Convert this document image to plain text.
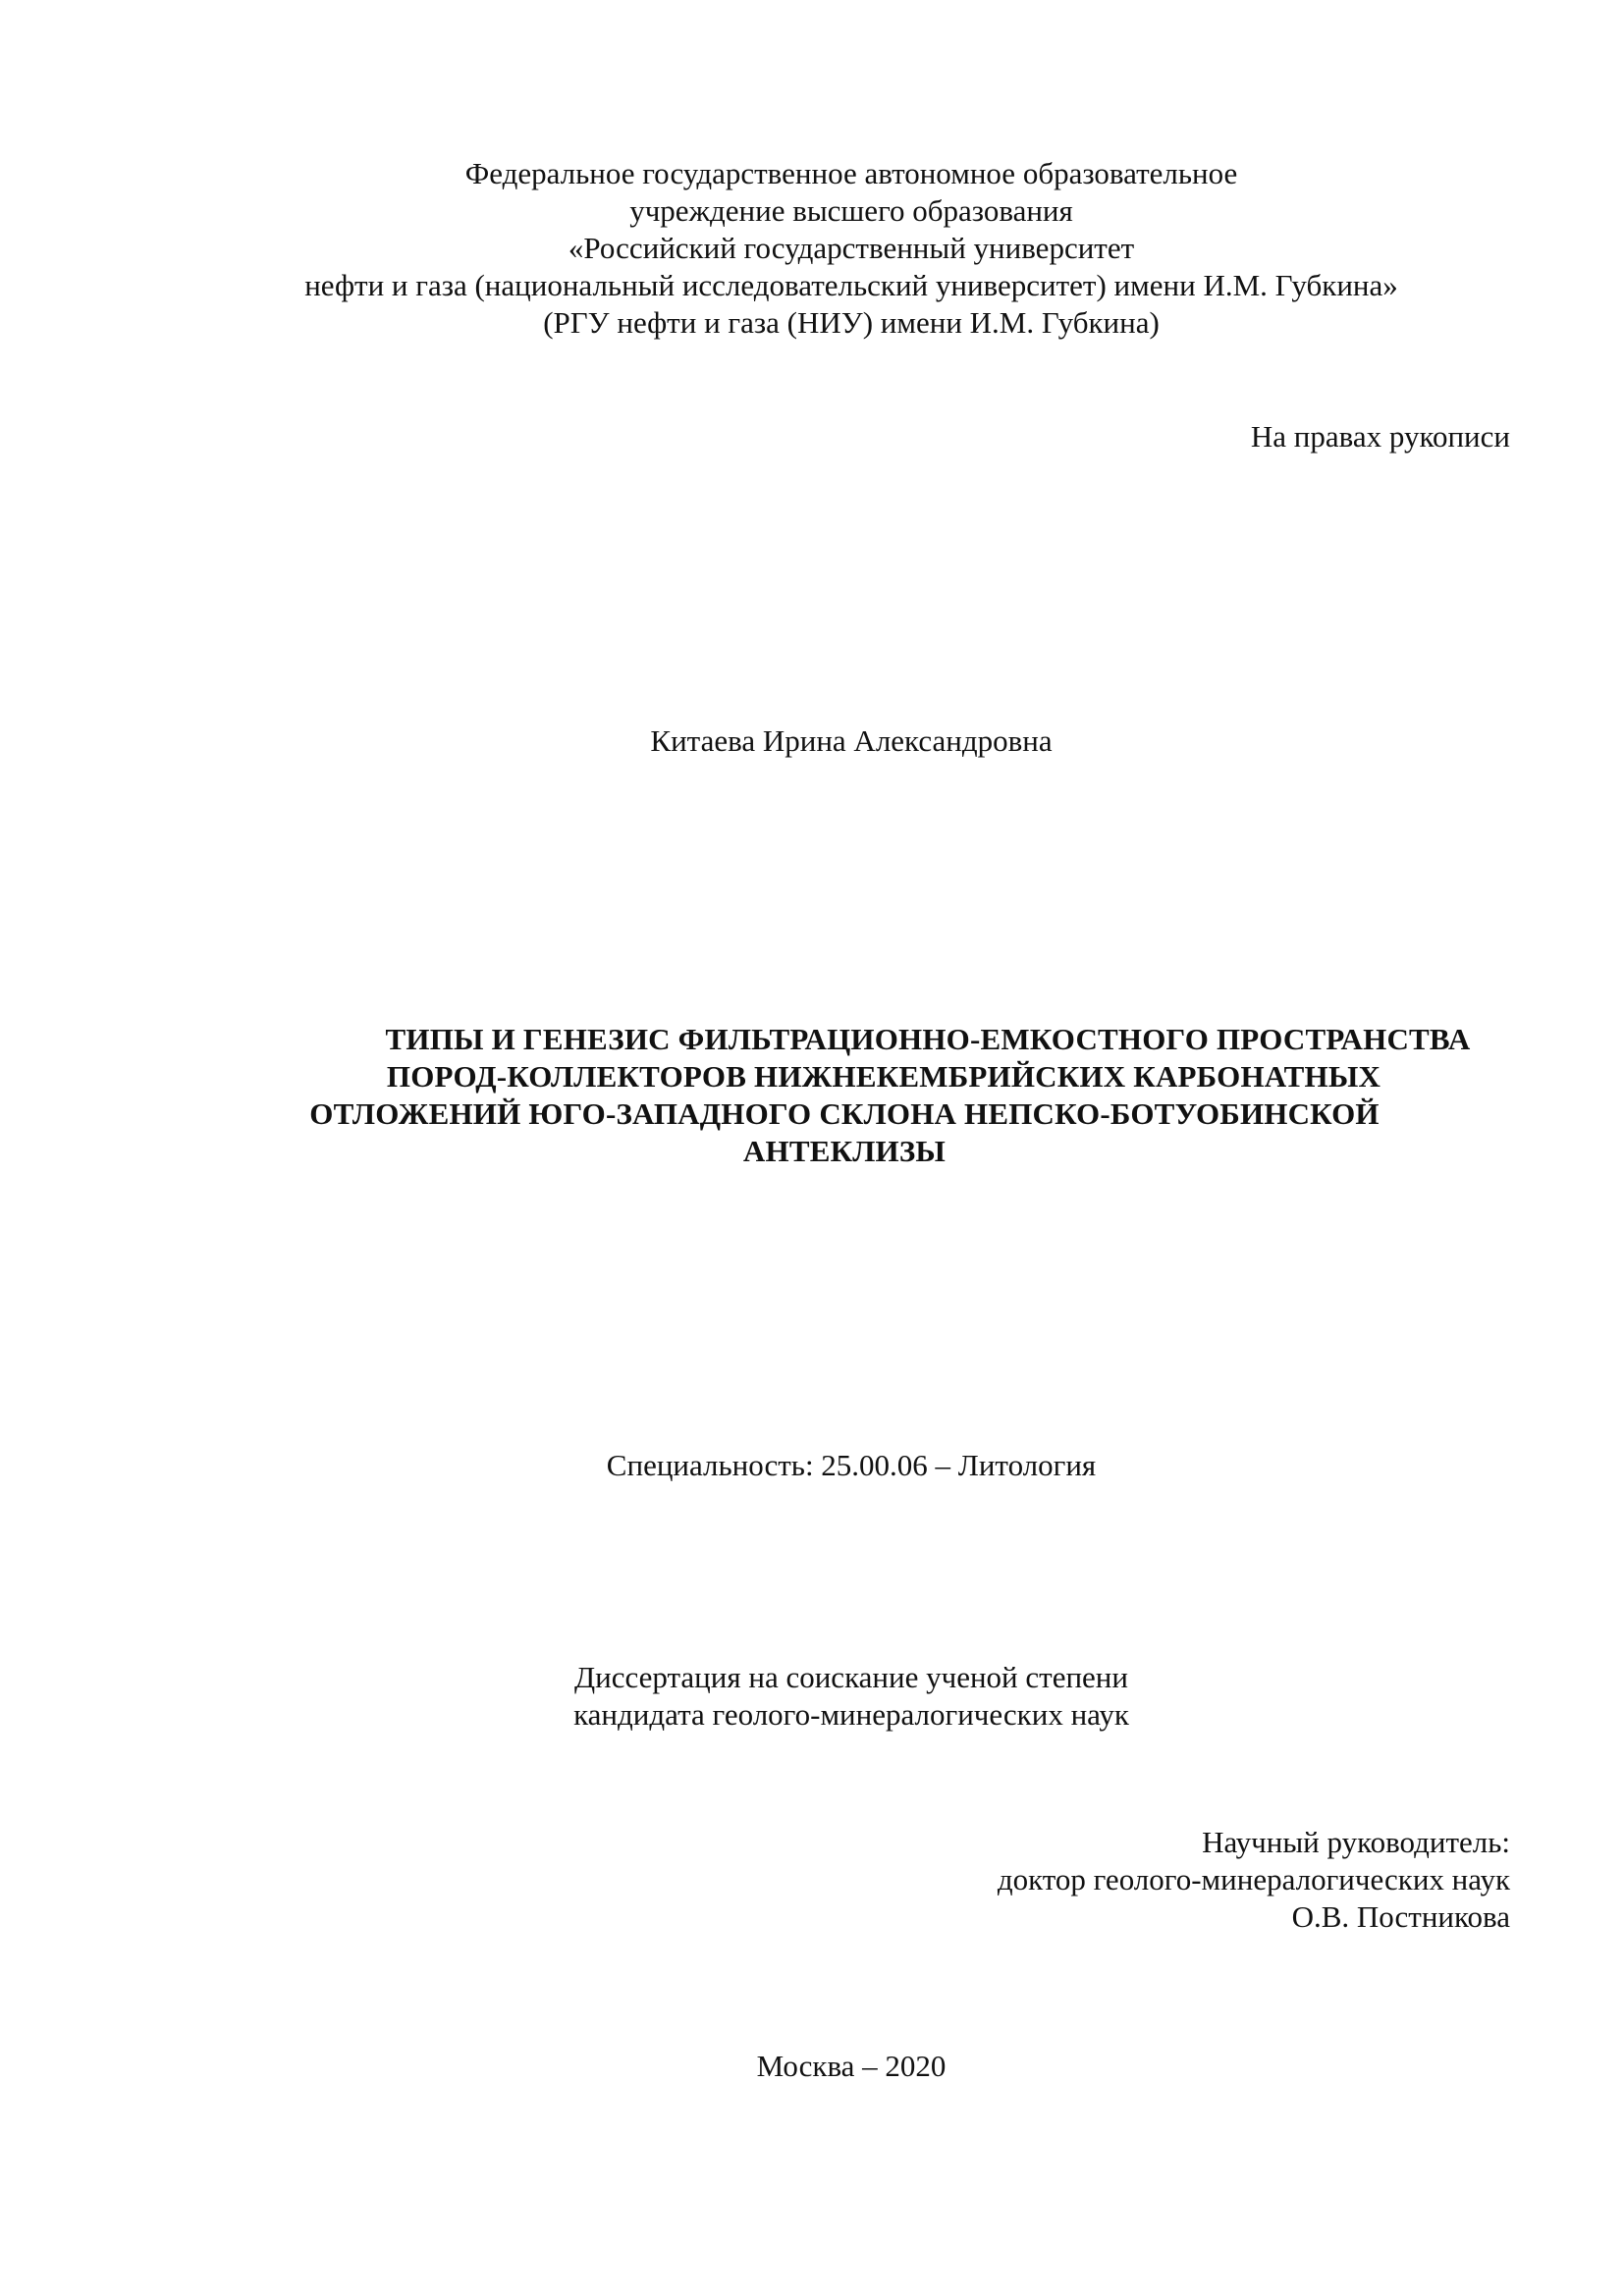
Федеральное государственное автономное образовательное
учреждение высшего образования
«Российский государственный университет
нефти и газа (национальный исследовательский университет) имени И.М. Губкина»
(РГУ нефти и газа (НИУ) имени И.М. Губкина)
На правах рукописи
Китаева Ирина Александровна
ТИПЫ И ГЕНЕЗИС ФИЛЬТРАЦИОННО-ЕМКОСТНОГО ПРОСТРАНСТВА
ПОРОД-КОЛЛЕКТОРОВ НИЖНЕКЕМБРИЙСКИХ КАРБОНАТНЫХ
ОТЛОЖЕНИЙ ЮГО-ЗАПАДНОГО СКЛОНА НЕПСКО-БОТУОБИНСКОЙ
АНТЕКЛИЗЫ
Специальность: 25.00.06 – Литология
Диссертация на соискание ученой степени
кандидата геолого-минералогических наук
Научный руководитель:
доктор геолого-минералогических наук
О.В. Постникова
Москва – 2020
